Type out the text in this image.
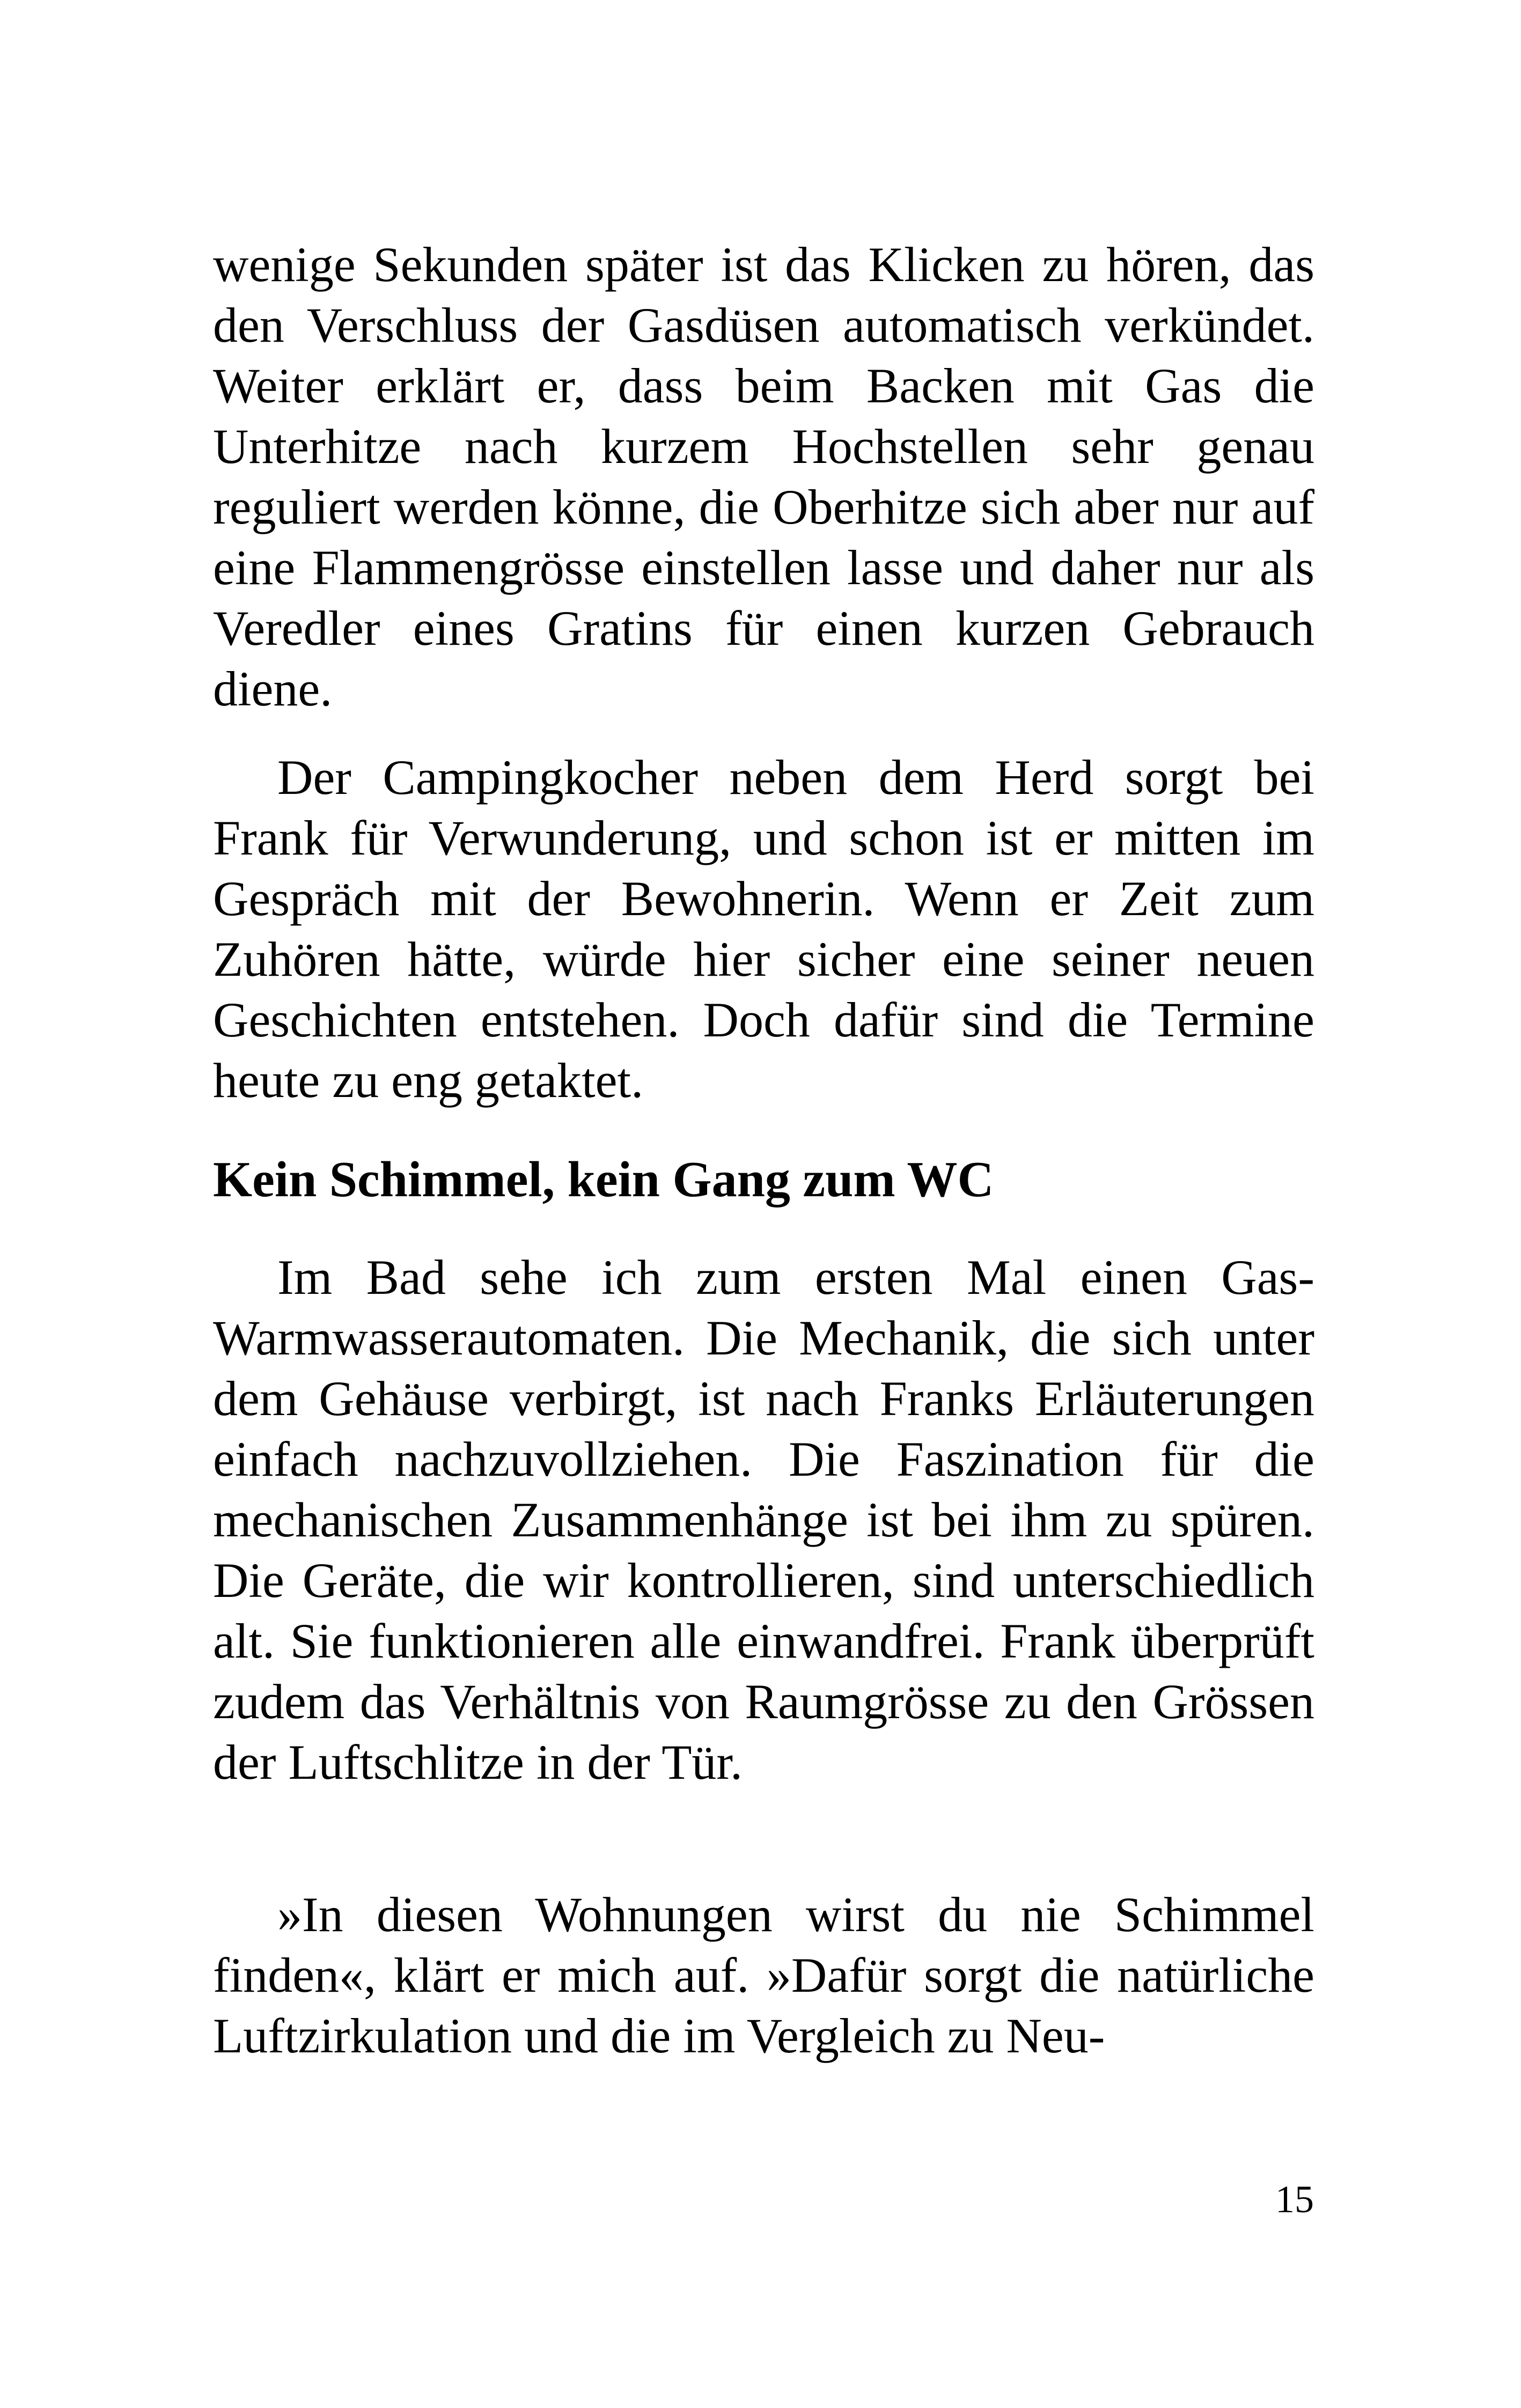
wenige Sekunden später ist das Klicken zu hören, das den Verschluss der Gasdüsen automatisch verkündet. Weiter erklärt er, dass beim Backen mit Gas die Unterhitze nach kurzem Hochstellen sehr genau reguliert werden könne, die Oberhitze sich aber nur auf eine Flammengrösse einstellen lasse und daher nur als Veredler eines Gratins für einen kurzen Gebrauch diene.

Der Campingkocher neben dem Herd sorgt bei Frank für Verwunderung, und schon ist er mitten im Gespräch mit der Bewohnerin. Wenn er Zeit zum Zuhören hätte, würde hier sicher eine seiner neuen Geschichten entstehen. Doch dafür sind die Termine heute zu eng getaktet.

Kein Schimmel, kein Gang zum WC

Im Bad sehe ich zum ersten Mal einen Gas-Warmwasserautomaten. Die Mechanik, die sich unter dem Gehäuse verbirgt, ist nach Franks Erläuterungen einfach nachzuvollziehen. Die Faszination für die mechanischen Zusammenhänge ist bei ihm zu spüren. Die Geräte, die wir kontrollieren, sind unterschiedlich alt. Sie funktionieren alle einwandfrei. Frank überprüft zudem das Verhältnis von Raumgrösse zu den Grössen der Luftschlitze in der Tür.

»In diesen Wohnungen wirst du nie Schimmel finden«, klärt er mich auf. »Dafür sorgt die natürliche Luftzirkulation und die im Vergleich zu Neu-

15
